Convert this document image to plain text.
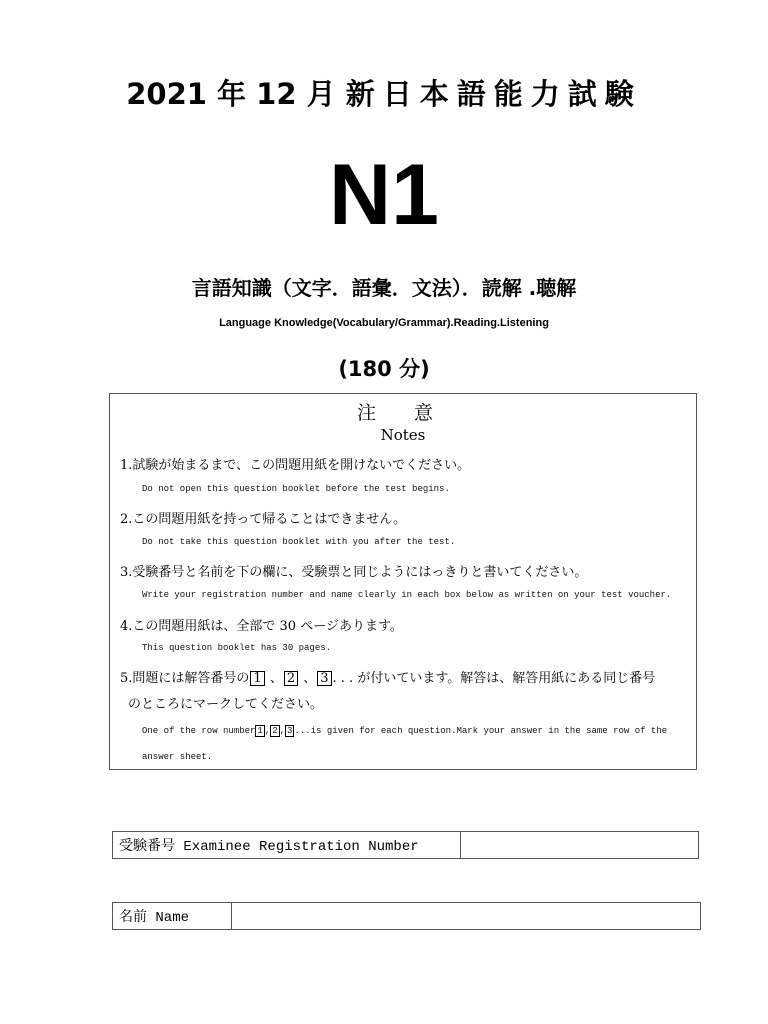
2021 年 12 月 新日本語能力試験
N1
言語知識（文字．語彙．文法）．読解 .聴解
Language Knowledge(Vocabulary/Grammar).Reading.Listening
(180 分)
注 意
Notes
1.試験が始まるまで、この問題用紙を開けないでください。
Do not open this question booklet before the test begins.
2.この問題用紙を持って帰ることはできません。
Do not take this question booklet with you after the test.
3.受験番号と名前を下の欄に、受験票と同じようにはっきりと書いてください。
Write your registration number and name clearly in each box below as written on your test voucher.
4.この問題用紙は、全部で 30 ページあります。
This question booklet has 30 pages.
5.問題には解答番号の 1 、 2 、 3 . . . が付いています。解答は、解答用紙にある同じ番号
のところにマークしてください。
One of the row number 1 , 2 , 3 ...is given for each question.Mark your answer in the same row of the
answer sheet.
受験番号 Examinee Registration Number	
名前 Name	
